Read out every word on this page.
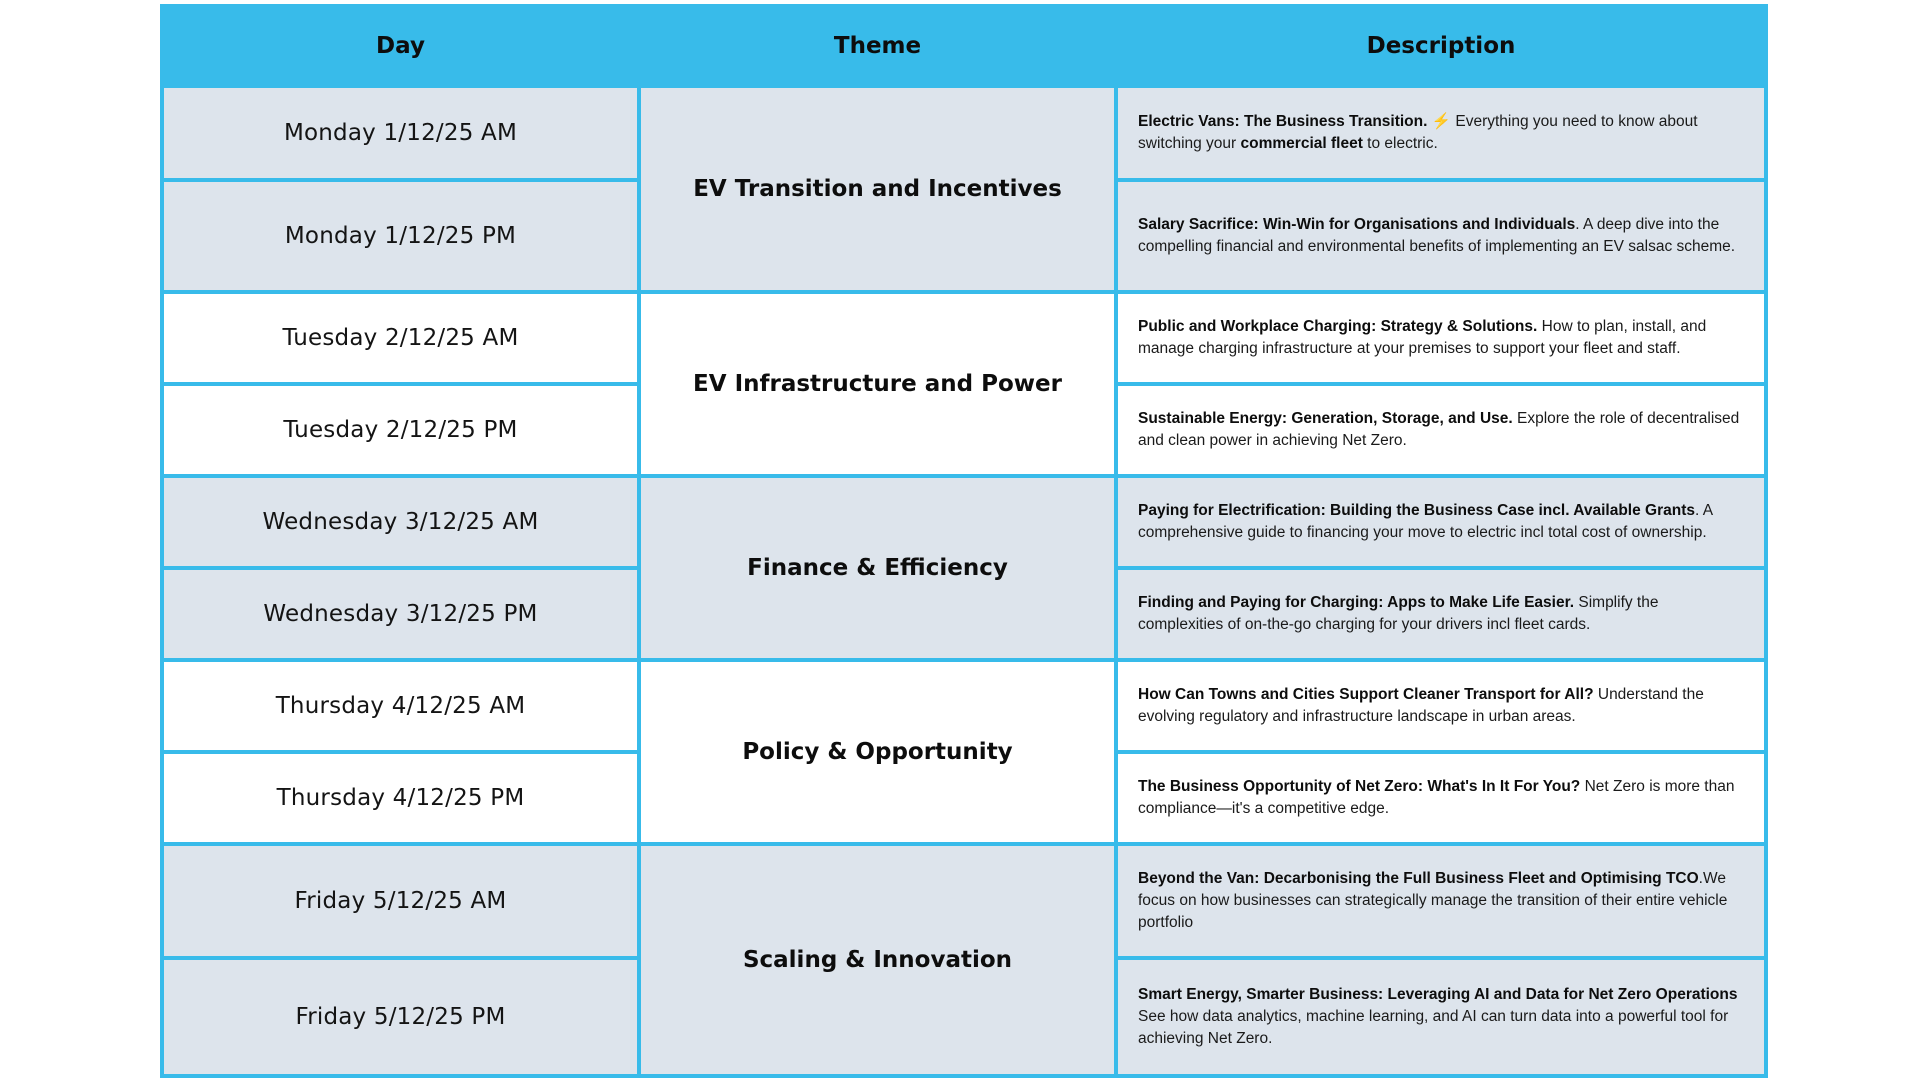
Day	Theme	Description
Monday 1/12/25 AM	EV Transition and Incentives	Electric Vans: The Business Transition. ⚡ Everything you need to know about switching your commercial fleet to electric.
Monday 1/12/25 PM		Salary Sacrifice: Win-Win for Organisations and Individuals. A deep dive into the compelling financial and environmental benefits of implementing an EV salsac scheme.
Tuesday 2/12/25 AM	EV Infrastructure and Power	Public and Workplace Charging: Strategy & Solutions. How to plan, install, and manage charging infrastructure at your premises to support your fleet and staff.
Tuesday 2/12/25 PM		Sustainable Energy: Generation, Storage, and Use. Explore the role of decentralised and clean power in achieving Net Zero.
Wednesday 3/12/25 AM	Finance & Efficiency	Paying for Electrification: Building the Business Case incl. Available Grants. A comprehensive guide to financing your move to electric incl total cost of ownership.
Wednesday 3/12/25 PM		Finding and Paying for Charging: Apps to Make Life Easier. Simplify the complexities of on-the-go charging for your drivers incl fleet cards.
Thursday 4/12/25 AM	Policy & Opportunity	How Can Towns and Cities Support Cleaner Transport for All? Understand the evolving regulatory and infrastructure landscape in urban areas.
Thursday 4/12/25 PM		The Business Opportunity of Net Zero: What's In It For You? Net Zero is more than compliance—it's a competitive edge.
Friday 5/12/25 AM	Scaling & Innovation	Beyond the Van: Decarbonising the Full Business Fleet and Optimising TCO.We focus on how businesses can strategically manage the transition of their entire vehicle portfolio
Friday 5/12/25 PM		Smart Energy, Smarter Business: Leveraging AI and Data for Net Zero Operations See how data analytics, machine learning, and AI can turn data into a powerful tool for achieving Net Zero.
